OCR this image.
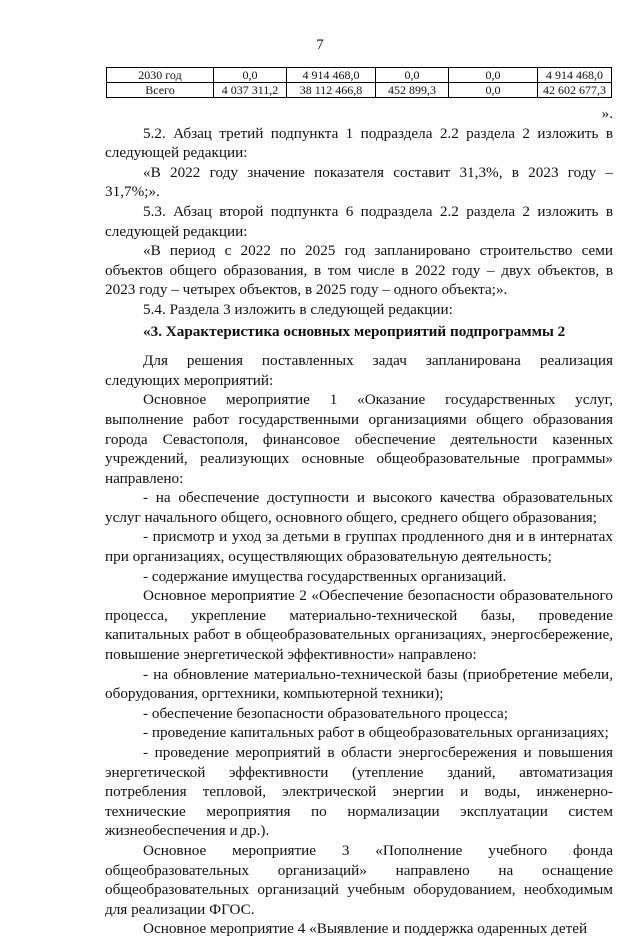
7
2030 год	0,0	4 914 468,0	0,0	0,0	4 914 468,0
Всего	4 037 311,2	38 112 466,8	452 899,3	0,0	42 602 677,3

».

5.2. Абзац третий подпункта 1 подраздела 2.2 раздела 2 изложить в следующей редакции:

«В 2022 году значение показателя составит 31,3%, в 2023 году – 31,7%;».

5.3. Абзац второй подпункта 6 подраздела 2.2 раздела 2 изложить в следующей редакции:

«В период с 2022 по 2025 год запланировано строительство семи объектов общего образования, в том числе в 2022 году – двух объектов, в 2023 году – четырех объектов, в 2025 году – одного объекта;».

5.4. Раздела 3 изложить в следующей редакции:

«3. Характеристика основных мероприятий подпрограммы 2

Для решения поставленных задач запланирована реализация следующих мероприятий:

Основное мероприятие 1 «Оказание государственных услуг, выполнение работ государственными организациями общего образования города Севастополя, финансовое обеспечение деятельности казенных учреждений, реализующих основные общеобразовательные программы» направлено:

- на обеспечение доступности и высокого качества образовательных услуг начального общего, основного общего, среднего общего образования;

- присмотр и уход за детьми в группах продленного дня и в интернатах при организациях, осуществляющих образовательную деятельность;

- содержание имущества государственных организаций.

Основное мероприятие 2 «Обеспечение безопасности образовательного процесса, укрепление материально-технической базы, проведение капитальных работ в общеобразовательных организациях, энергосбережение, повышение энергетической эффективности» направлено:

- на обновление материально-технической базы (приобретение мебели, оборудования, оргтехники, компьютерной техники);

- обеспечение безопасности образовательного процесса;

- проведение капитальных работ в общеобразовательных организациях;

- проведение мероприятий в области энергосбережения и повышения энергетической эффективности (утепление зданий, автоматизация потребления тепловой, электрической энергии и воды, инженерно-технические мероприятия по нормализации эксплуатации систем жизнеобеспечения и др.).

Основное мероприятие 3 «Пополнение учебного фонда общеобразовательных организаций» направлено на оснащение общеобразовательных организаций учебным оборудованием, необходимым для реализации ФГОС.

Основное мероприятие 4 «Выявление и поддержка одаренных детей
